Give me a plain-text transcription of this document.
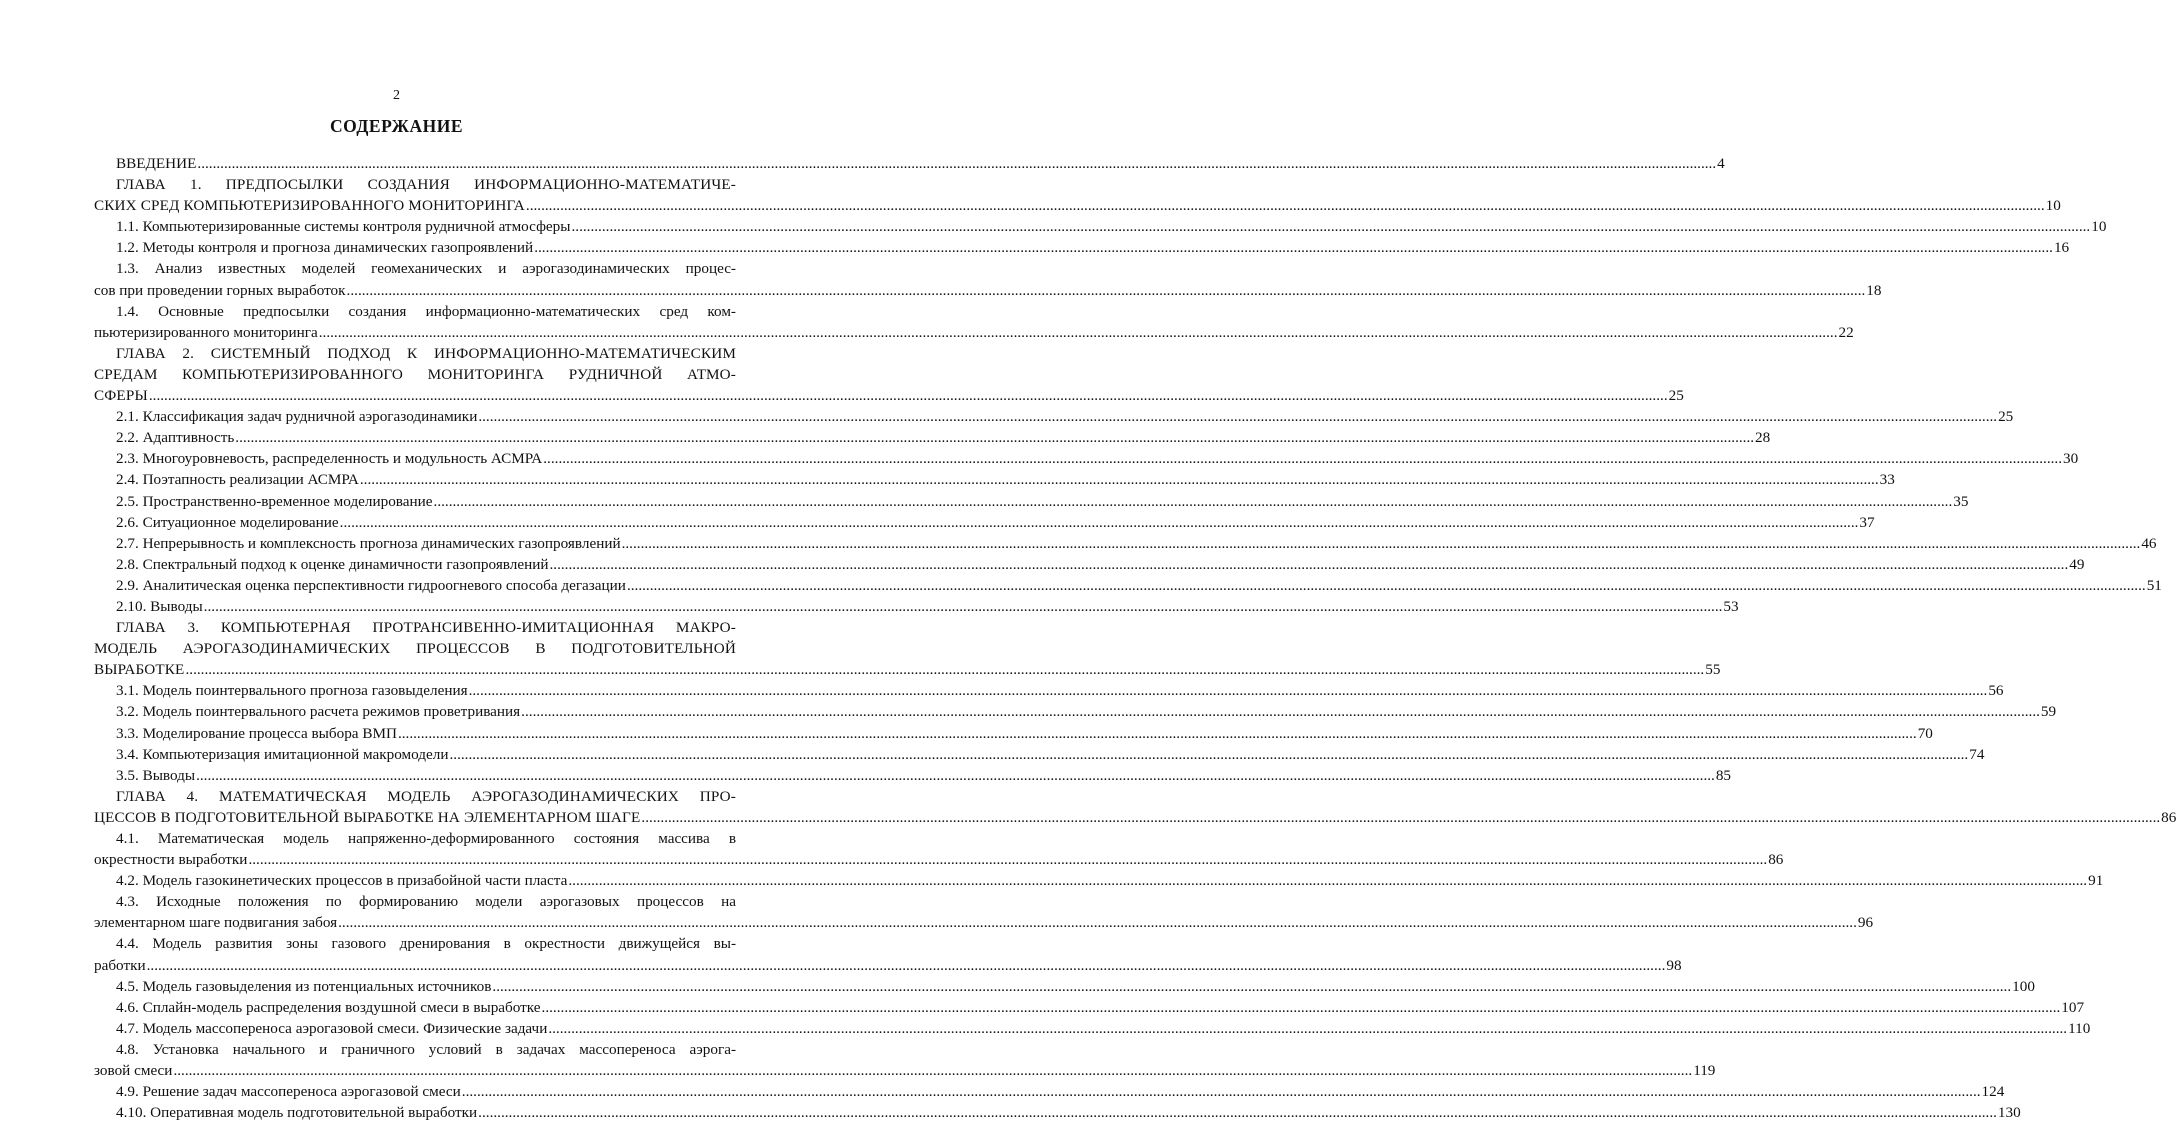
2
СОДЕРЖАНИЕ
ВВЕДЕНИЕ ................................................................................................................................................................................................................................................................................................................................................................................................................ 4
ГЛАВА 1. ПРЕДПОСЫЛКИ СОЗДАНИЯ ИНФОРМАЦИОННО-МАТЕМАТИЧЕ-
СКИХ СРЕД КОМПЬЮТЕРИЗИРОВАННОГО МОНИТОРИНГА ................................................................................................................................................................................................................................................................................................................................................................................................................ 10
1.1. Компьютеризированные системы контроля рудничной атмосферы ................................................................................................................................................................................................................................................................................................................................................................................................................ 10
1.2. Методы контроля и прогноза динамических газопроявлений ................................................................................................................................................................................................................................................................................................................................................................................................................ 16
1.3. Анализ известных моделей геомеханических и аэрогазодинамических процес-
сов при проведении горных выработок ................................................................................................................................................................................................................................................................................................................................................................................................................ 18
1.4. Основные предпосылки создания информационно-математических сред ком-
пьютеризированного мониторинга ................................................................................................................................................................................................................................................................................................................................................................................................................ 22
ГЛАВА 2. СИСТЕМНЫЙ ПОДХОД К ИНФОРМАЦИОННО-МАТЕМАТИЧЕСКИМ
СРЕДАМ КОМПЬЮТЕРИЗИРОВАННОГО МОНИТОРИНГА РУДНИЧНОЙ АТМО-
СФЕРЫ ................................................................................................................................................................................................................................................................................................................................................................................................................ 25
2.1. Классификация задач рудничной аэрогазодинамики ................................................................................................................................................................................................................................................................................................................................................................................................................ 25
2.2. Адаптивность ................................................................................................................................................................................................................................................................................................................................................................................................................ 28
2.3. Многоуровневость, распределенность и модульность АСМРА ................................................................................................................................................................................................................................................................................................................................................................................................................ 30
2.4. Поэтапность реализации АСМРА ................................................................................................................................................................................................................................................................................................................................................................................................................ 33
2.5. Пространственно-временное моделирование ................................................................................................................................................................................................................................................................................................................................................................................................................ 35
2.6. Ситуационное моделирование ................................................................................................................................................................................................................................................................................................................................................................................................................ 37
2.7. Непрерывность и комплексность прогноза динамических газопроявлений ................................................................................................................................................................................................................................................................................................................................................................................................................ 46
2.8. Спектральный подход к оценке динамичности газопроявлений ................................................................................................................................................................................................................................................................................................................................................................................................................ 49
2.9. Аналитическая оценка перспективности гидроогневого способа дегазации ................................................................................................................................................................................................................................................................................................................................................................................................................ 51
2.10. Выводы ................................................................................................................................................................................................................................................................................................................................................................................................................ 53
ГЛАВА 3. КОМПЬЮТЕРНАЯ ПРОТРАНСИВЕННО-ИМИТАЦИОННАЯ МАКРО-
МОДЕЛЬ АЭРОГАЗОДИНАМИЧЕСКИХ ПРОЦЕССОВ В ПОДГОТОВИТЕЛЬНОЙ
ВЫРАБОТКЕ ................................................................................................................................................................................................................................................................................................................................................................................................................ 55
3.1. Модель поинтервального прогноза газовыделения ................................................................................................................................................................................................................................................................................................................................................................................................................ 56
3.2. Модель поинтервального расчета режимов проветривания ................................................................................................................................................................................................................................................................................................................................................................................................................ 59
3.3. Моделирование процесса выбора ВМП ................................................................................................................................................................................................................................................................................................................................................................................................................ 70
3.4. Компьютеризация имитационной макромодели ................................................................................................................................................................................................................................................................................................................................................................................................................ 74
3.5. Выводы ................................................................................................................................................................................................................................................................................................................................................................................................................ 85
ГЛАВА 4. МАТЕМАТИЧЕСКАЯ МОДЕЛЬ АЭРОГАЗОДИНАМИЧЕСКИХ ПРО-
ЦЕССОВ В ПОДГОТОВИТЕЛЬНОЙ ВЫРАБОТКЕ НА ЭЛЕМЕНТАРНОМ ШАГЕ ................................................................................................................................................................................................................................................................................................................................................................................................................ 86
4.1. Математическая модель напряженно-деформированного состояния массива в
окрестности выработки ................................................................................................................................................................................................................................................................................................................................................................................................................ 86
4.2. Модель газокинетических процессов в призабойной части пласта ................................................................................................................................................................................................................................................................................................................................................................................................................ 91
4.3. Исходные положения по формированию модели аэрогазовых процессов на
элементарном шаге подвигания забоя ................................................................................................................................................................................................................................................................................................................................................................................................................ 96
4.4. Модель развития зоны газового дренирования в окрестности движущейся вы-
работки ................................................................................................................................................................................................................................................................................................................................................................................................................ 98
4.5. Модель газовыделения из потенциальных источников ................................................................................................................................................................................................................................................................................................................................................................................................................ 100
4.6. Сплайн-модель распределения воздушной смеси в выработке ................................................................................................................................................................................................................................................................................................................................................................................................................ 107
4.7. Модель массопереноса аэрогазовой смеси. Физические задачи ................................................................................................................................................................................................................................................................................................................................................................................................................ 110
4.8. Установка начального и граничного условий в задачах массопереноса аэрога-
зовой смеси ................................................................................................................................................................................................................................................................................................................................................................................................................ 119
4.9. Решение задач массопереноса аэрогазовой смеси ................................................................................................................................................................................................................................................................................................................................................................................................................ 124
4.10. Оперативная модель подготовительной выработки ................................................................................................................................................................................................................................................................................................................................................................................................................ 130
